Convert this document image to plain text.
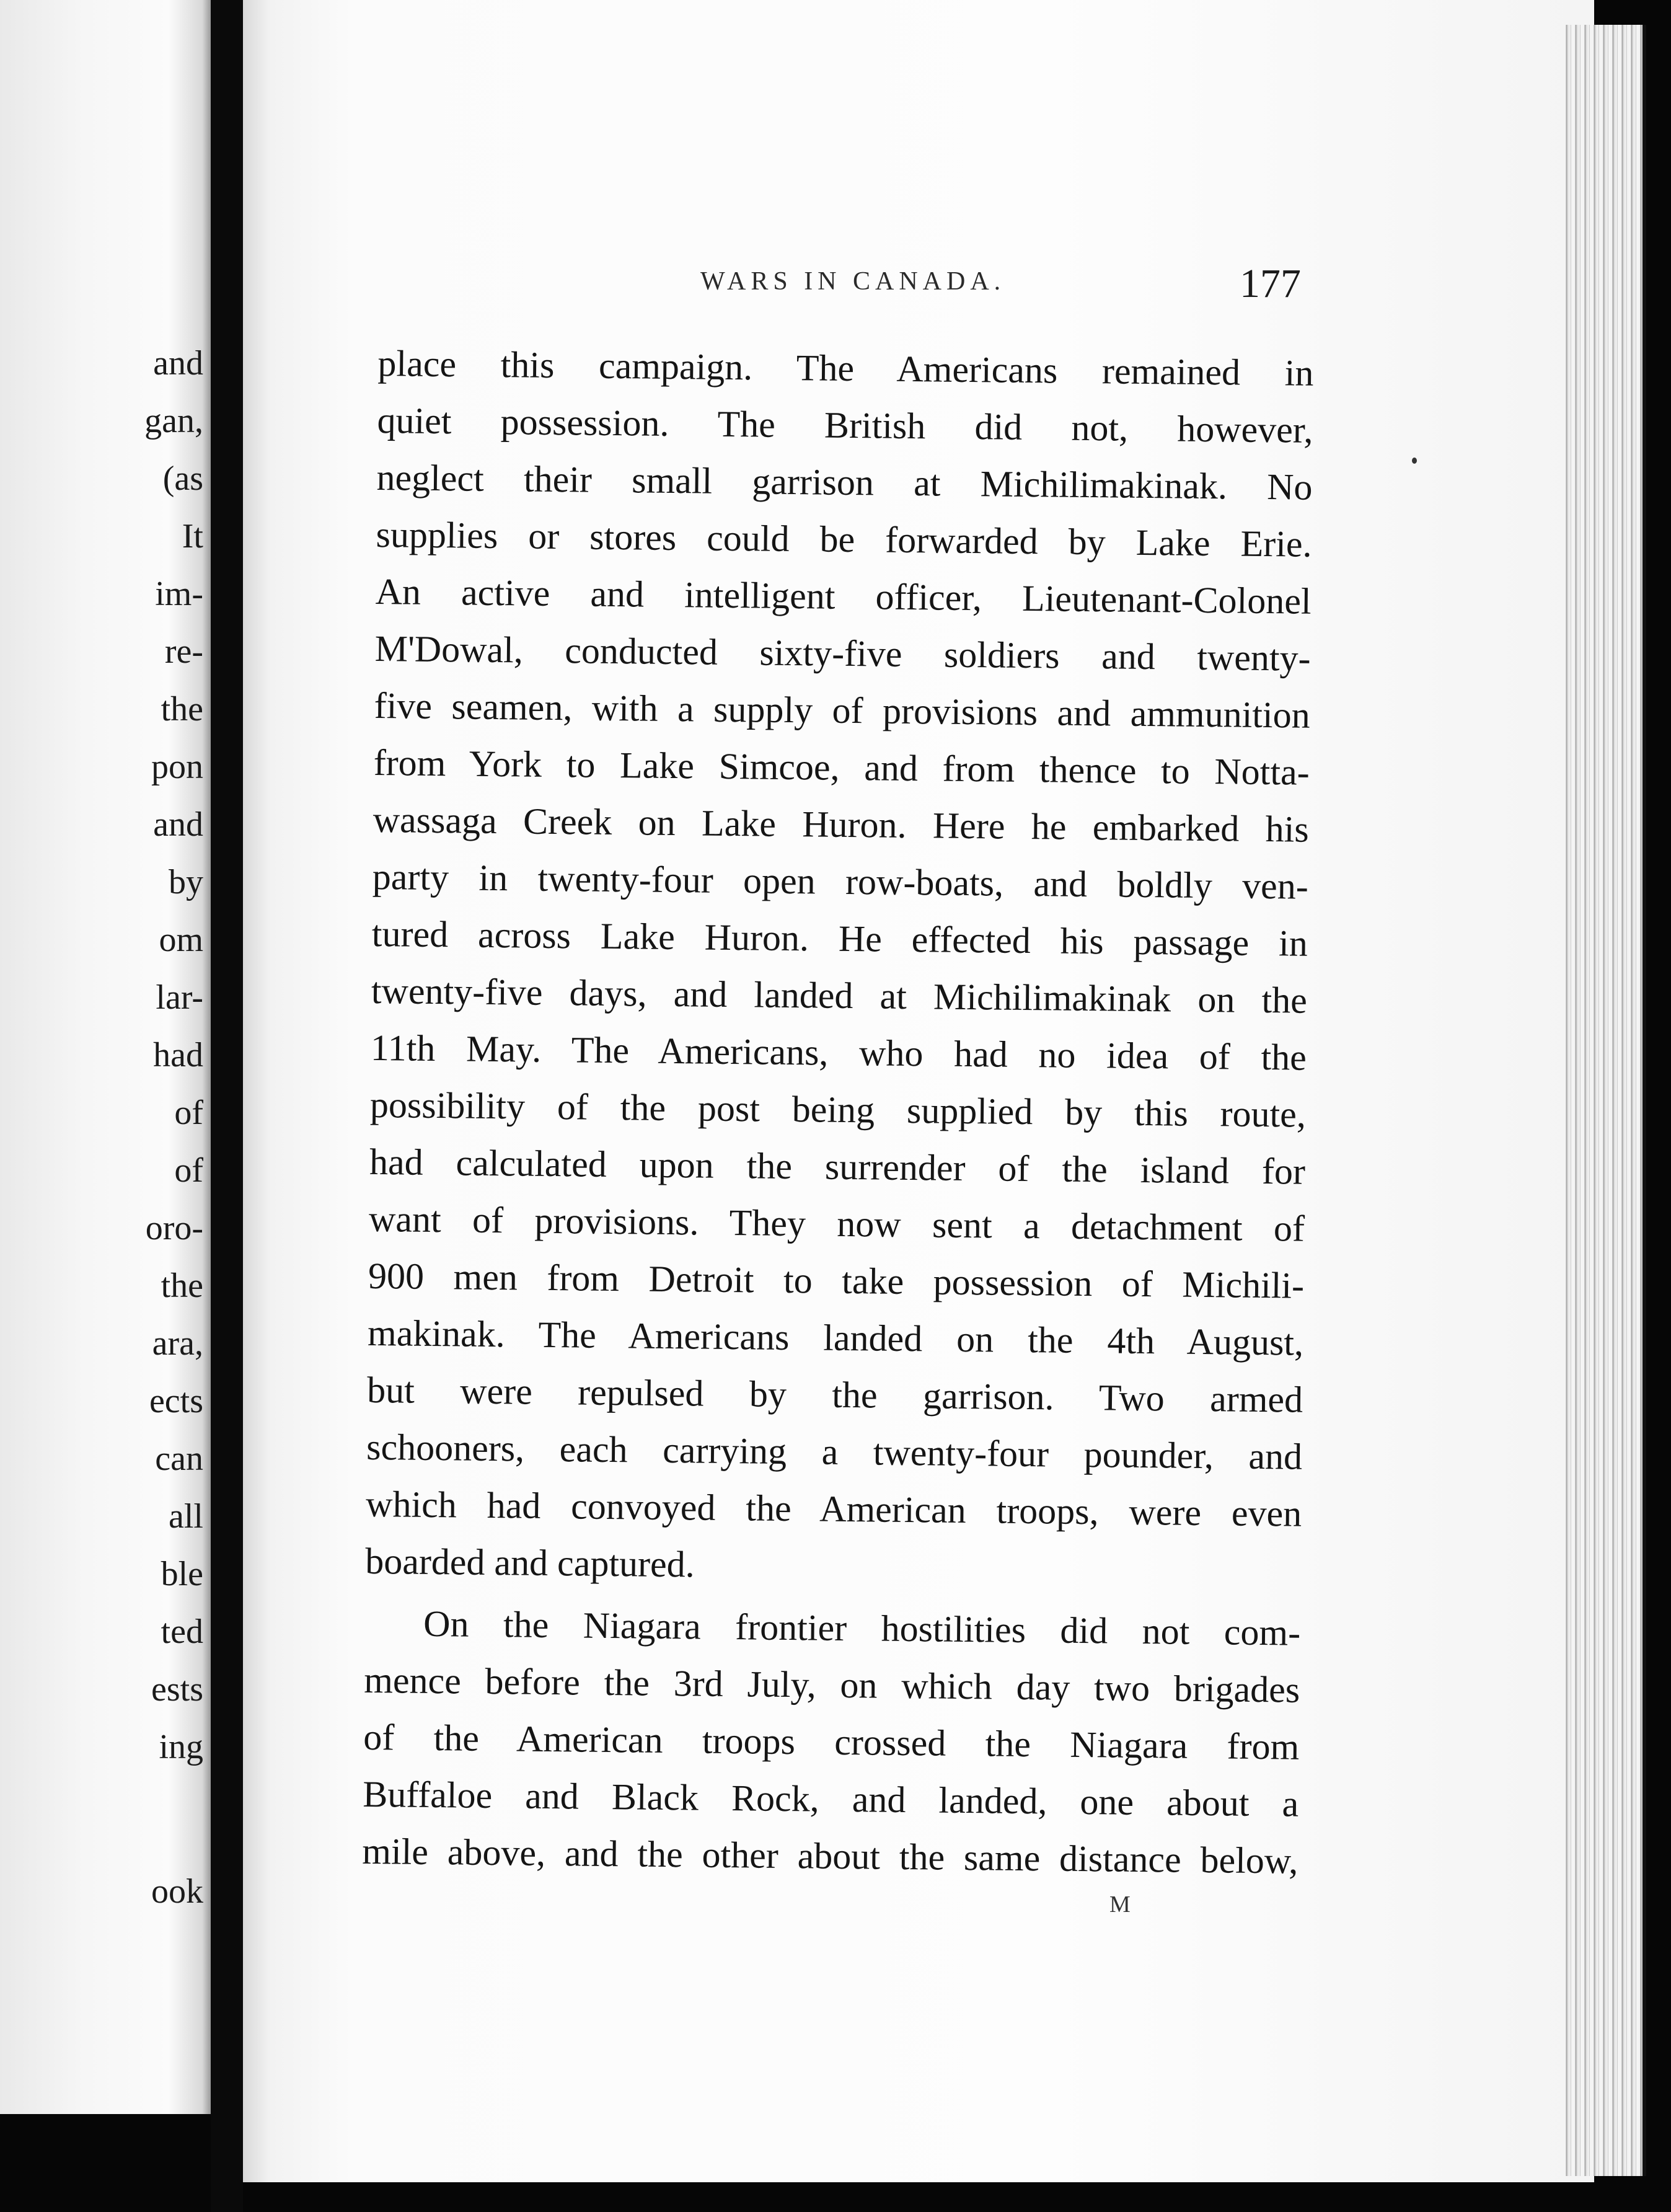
and
gan,
(as
It
im-
re-
the
pon
and
by
om
lar-
had
of
of
oro-
the
ara,
ects
can
all
ble
ted
ests
ing
ook
WARS IN CANADA.	177
place this campaign. The Americans remained in
quiet possession. The British did not, however,
neglect their small garrison at Michilimakinak. No
supplies or stores could be forwarded by Lake Erie.
An active and intelligent officer, Lieutenant-Colonel
M'Dowal, conducted sixty-five soldiers and twenty-
five seamen, with a supply of provisions and ammunition
from York to Lake Simcoe, and from thence to Notta-
wassaga Creek on Lake Huron. Here he embarked his
party in twenty-four open row-boats, and boldly ven-
tured across Lake Huron. He effected his passage in
twenty-five days, and landed at Michilimakinak on the
11th May. The Americans, who had no idea of the
possibility of the post being supplied by this route,
had calculated upon the surrender of the island for
want of provisions. They now sent a detachment of
900 men from Detroit to take possession of Michili-
makinak. The Americans landed on the 4th August,
but were repulsed by the garrison. Two armed
schooners, each carrying a twenty-four pounder, and
which had convoyed the American troops, were even
boarded and captured.
On the Niagara frontier hostilities did not com-
mence before the 3rd July, on which day two brigades
of the American troops crossed the Niagara from
Buffaloe and Black Rock, and landed, one about a
mile above, and the other about the same distance below,
M
